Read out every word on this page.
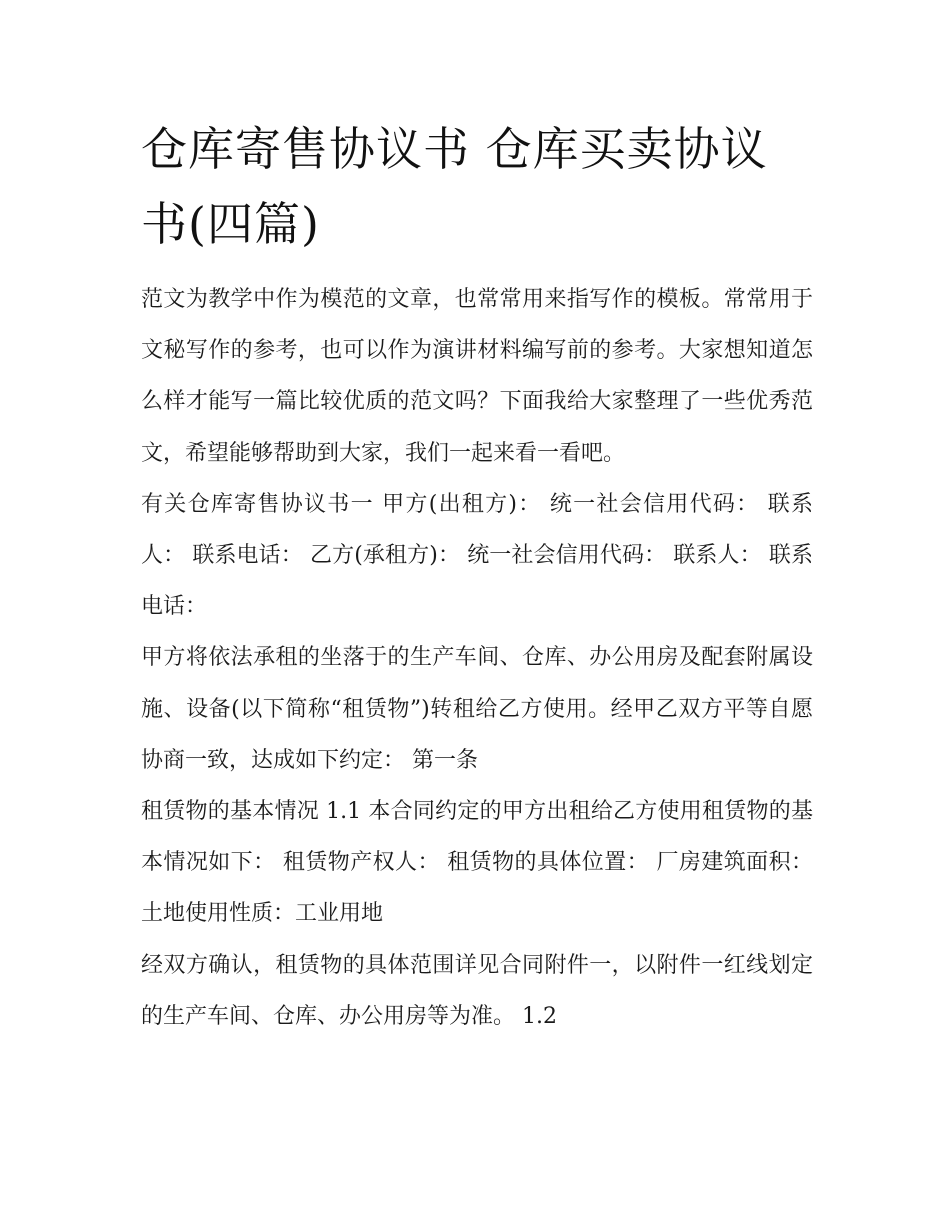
仓库寄售协议书 仓库买卖协议书(四篇)

范文为教学中作为模范的文章，也常常用来指写作的模板。常常用于文秘写作的参考，也可以作为演讲材料编写前的参考。大家想知道怎么样才能写一篇比较优质的范文吗？下面我给大家整理了一些优秀范文，希望能够帮助到大家，我们一起来看一看吧。

有关仓库寄售协议书一 甲方(出租方)： 统一社会信用代码： 联系人： 联系电话： 乙方(承租方)： 统一社会信用代码： 联系人： 联系电话：

甲方将依法承租的坐落于的生产车间、仓库、办公用房及配套附属设施、设备(以下简称“租赁物”)转租给乙方使用。经甲乙双方平等自愿协商一致，达成如下约定： 第一条

租赁物的基本情况 1.1 本合同约定的甲方出租给乙方使用租赁物的基本情况如下： 租赁物产权人： 租赁物的具体位置： 厂房建筑面积：土地使用性质：工业用地

经双方确认，租赁物的具体范围详见合同附件一，以附件一红线划定的生产车间、仓库、办公用房等为准。 1.2
